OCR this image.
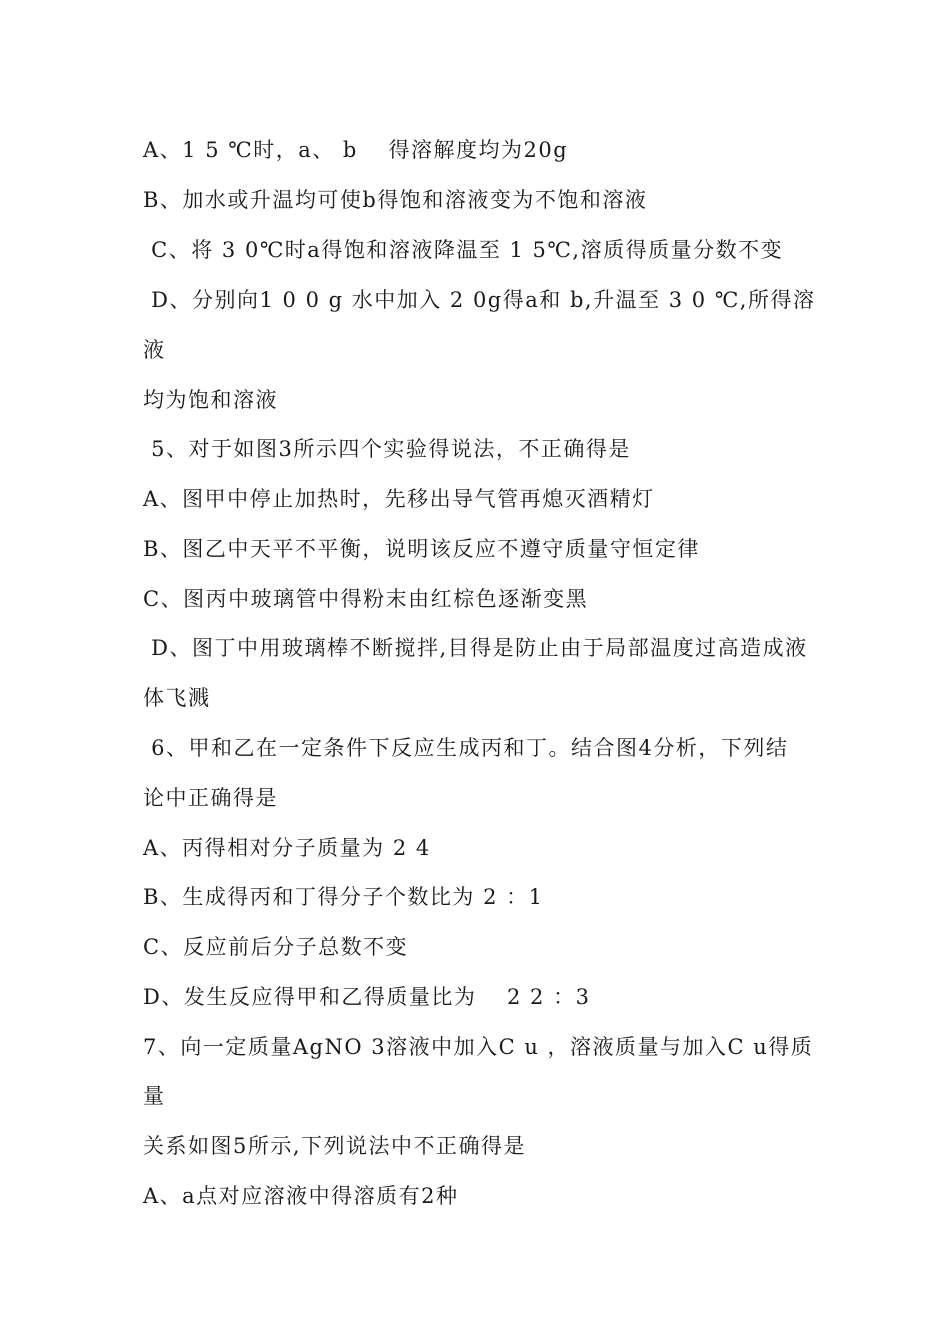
A、1 5 ℃时，a、 b　 得溶解度均为20g
B、加水或升温均可使b得饱和溶液变为不饱和溶液
C、将 3 0℃时a得饱和溶液降温至 1 5℃,溶质得质量分数不变
D、分别向1 0 0 g 水中加入 2 0g得a和 b,升温至 3 0 ℃,所得溶
液
均为饱和溶液
5、对于如图3所示四个实验得说法，不正确得是
A、图甲中停止加热时，先移出导气管再熄灭酒精灯
B、图乙中天平不平衡，说明该反应不遵守质量守恒定律
C、图丙中玻璃管中得粉末由红棕色逐渐变黑
D、图丁中用玻璃棒不断搅拌,目得是防止由于局部温度过高造成液
体飞溅
6、甲和乙在一定条件下反应生成丙和丁。结合图4分析，下列结
论中正确得是
A、丙得相对分子质量为 2 4
B、生成得丙和丁得分子个数比为 2 ：1
C、反应前后分子总数不变
D、发生反应得甲和乙得质量比为　 2 2 ：3
7、向一定质量AgNO 3溶液中加入C u ，溶液质量与加入C u得质
量
关系如图5所示,下列说法中不正确得是
A、a点对应溶液中得溶质有2种
